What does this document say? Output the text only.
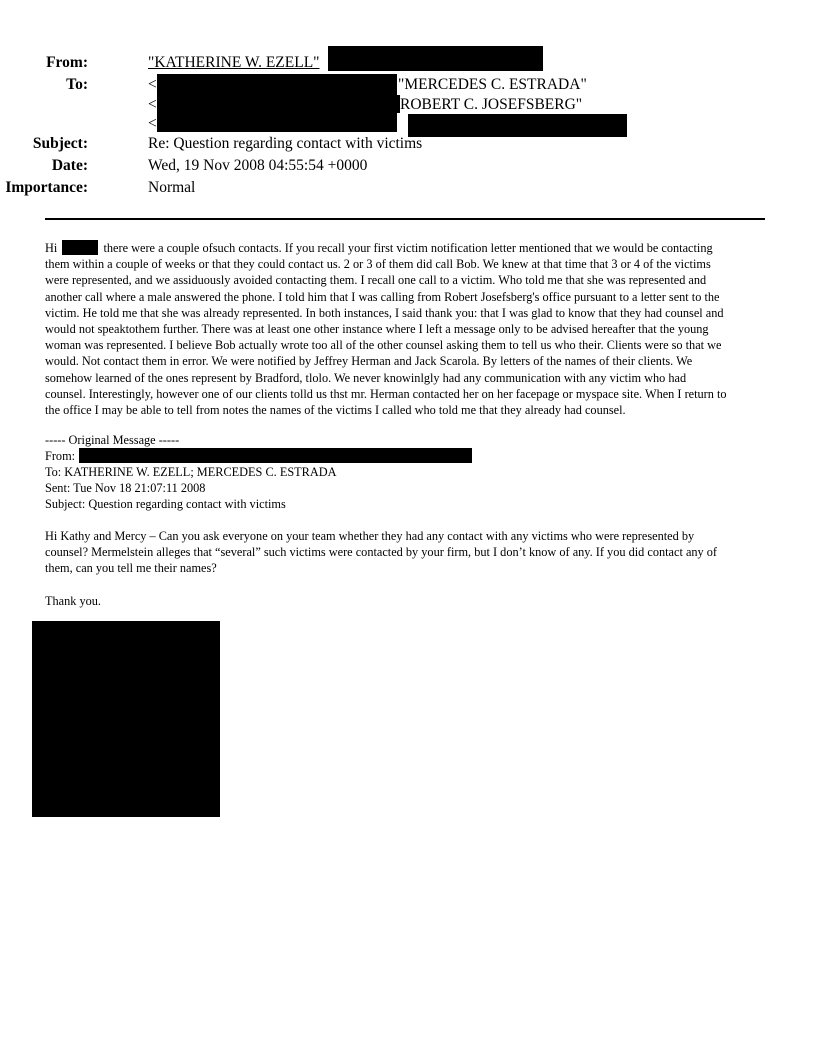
From:	"KATHERINE W. EZELL"
To:	<	"MERCEDES C. ESTRADA"
<	ROBERT C. JOSEFSBERG"
<
Subject:	Re: Question regarding contact with victims
Date:	Wed, 19 Nov 2008 04:55:54 +0000
Importance:	Normal
Hi	there were a couple ofsuch contacts. If you recall your first victim notification letter mentioned that we would be contacting
them within a couple of weeks or that they could contact us. 2 or 3 of them did call Bob. We knew at that time that 3 or 4 of the victims
were represented, and we assiduously avoided contacting them. I recall one call to a victim. Who told me that she was represented and
another call where a male answered the phone. I told him that I was calling from Robert Josefsberg's office pursuant to a letter sent to the
victim. He told me that she was already represented. In both instances, I said thank you: that I was glad to know that they had counsel and
would not speaktothem further. There was at least one other instance where I left a message only to be advised hereafter that the young
woman was represented. I believe Bob actually wrote too all of the other counsel asking them to tell us who their. Clients were so that we
would. Not contact them in error. We were notified by Jeffrey Herman and Jack Scarola. By letters of the names of their clients. We
somehow learned of the ones represent by Bradford, tlolo. We never knowinlgly had any communication with any victim who had
counsel. Interestingly, however one of our clients tolld us thst mr. Herman contacted her on her facepage or myspace site. When I return to
the office I may be able to tell from notes the names of the victims I called who told me that they already had counsel.
----- Original Message -----
From:
To: KATHERINE W. EZELL; MERCEDES C. ESTRADA
Sent: Tue Nov 18 21:07:11 2008
Subject: Question regarding contact with victims
Hi Kathy and Mercy – Can you ask everyone on your team whether they had any contact with any victims who were represented by
counsel? Mermelstein alleges that “several” such victims were contacted by your firm, but I don’t know of any. If you did contact any of
them, can you tell me their names?
Thank you.
